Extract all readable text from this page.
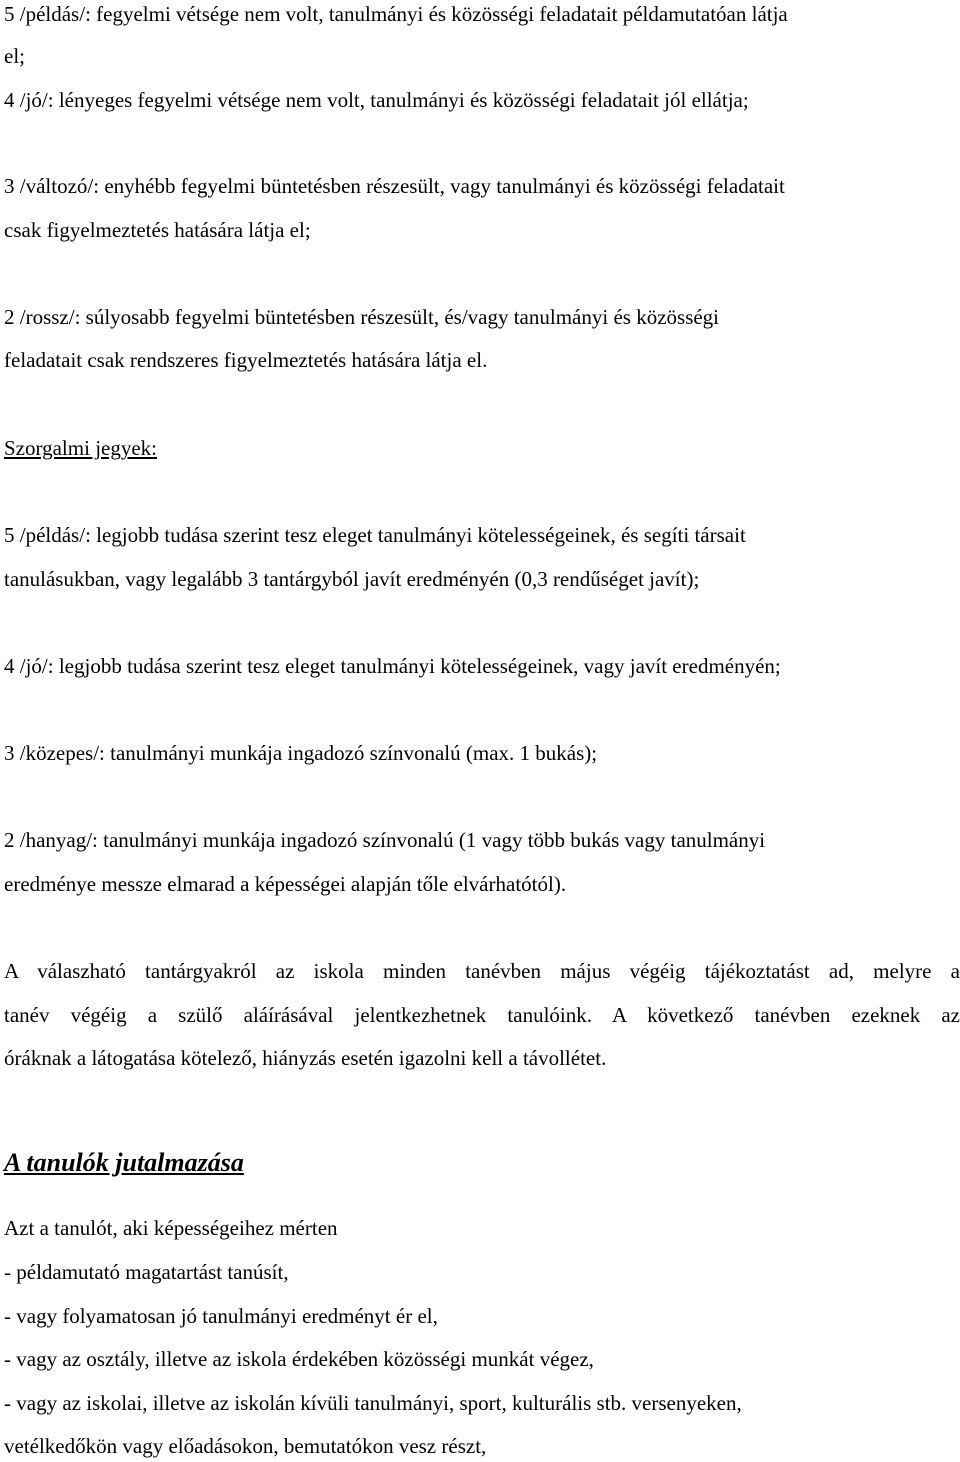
5 /példás/: fegyelmi vétsége nem volt, tanulmányi és közösségi feladatait példamutatóan látja
el;
4 /jó/: lényeges fegyelmi vétsége nem volt, tanulmányi és közösségi feladatait jól ellátja;
3 /változó/: enyhébb fegyelmi büntetésben részesült, vagy tanulmányi és közösségi feladatait
csak figyelmeztetés hatására látja el;
2 /rossz/: súlyosabb fegyelmi büntetésben részesült, és/vagy tanulmányi és közösségi
feladatait csak rendszeres figyelmeztetés hatására látja el.
Szorgalmi jegyek:
5 /példás/: legjobb tudása szerint tesz eleget tanulmányi kötelességeinek, és segíti társait
tanulásukban, vagy legalább 3 tantárgyból javít eredményén (0,3 rendűséget javít);
4 /jó/: legjobb tudása szerint tesz eleget tanulmányi kötelességeinek, vagy javít eredményén;
3 /közepes/: tanulmányi munkája ingadozó színvonalú (max. 1 bukás);
2 /hanyag/: tanulmányi munkája ingadozó színvonalú (1 vagy több bukás vagy tanulmányi
eredménye messze elmarad a képességei alapján tőle elvárhatótól).
A válaszható tantárgyakról az iskola minden tanévben május végéig tájékoztatást ad, melyre a
tanév végéig a szülő aláírásával jelentkezhetnek tanulóink. A következő tanévben ezeknek az
óráknak a látogatása kötelező, hiányzás esetén igazolni kell a távollétet.
A tanulók jutalmazása
Azt a tanulót, aki képességeihez mérten
- példamutató magatartást tanúsít,
- vagy folyamatosan jó tanulmányi eredményt ér el,
- vagy az osztály, illetve az iskola érdekében közösségi munkát végez,
- vagy az iskolai, illetve az iskolán kívüli tanulmányi, sport, kulturális stb. versenyeken,
vetélkedőkön vagy előadásokon, bemutatókon vesz részt,
